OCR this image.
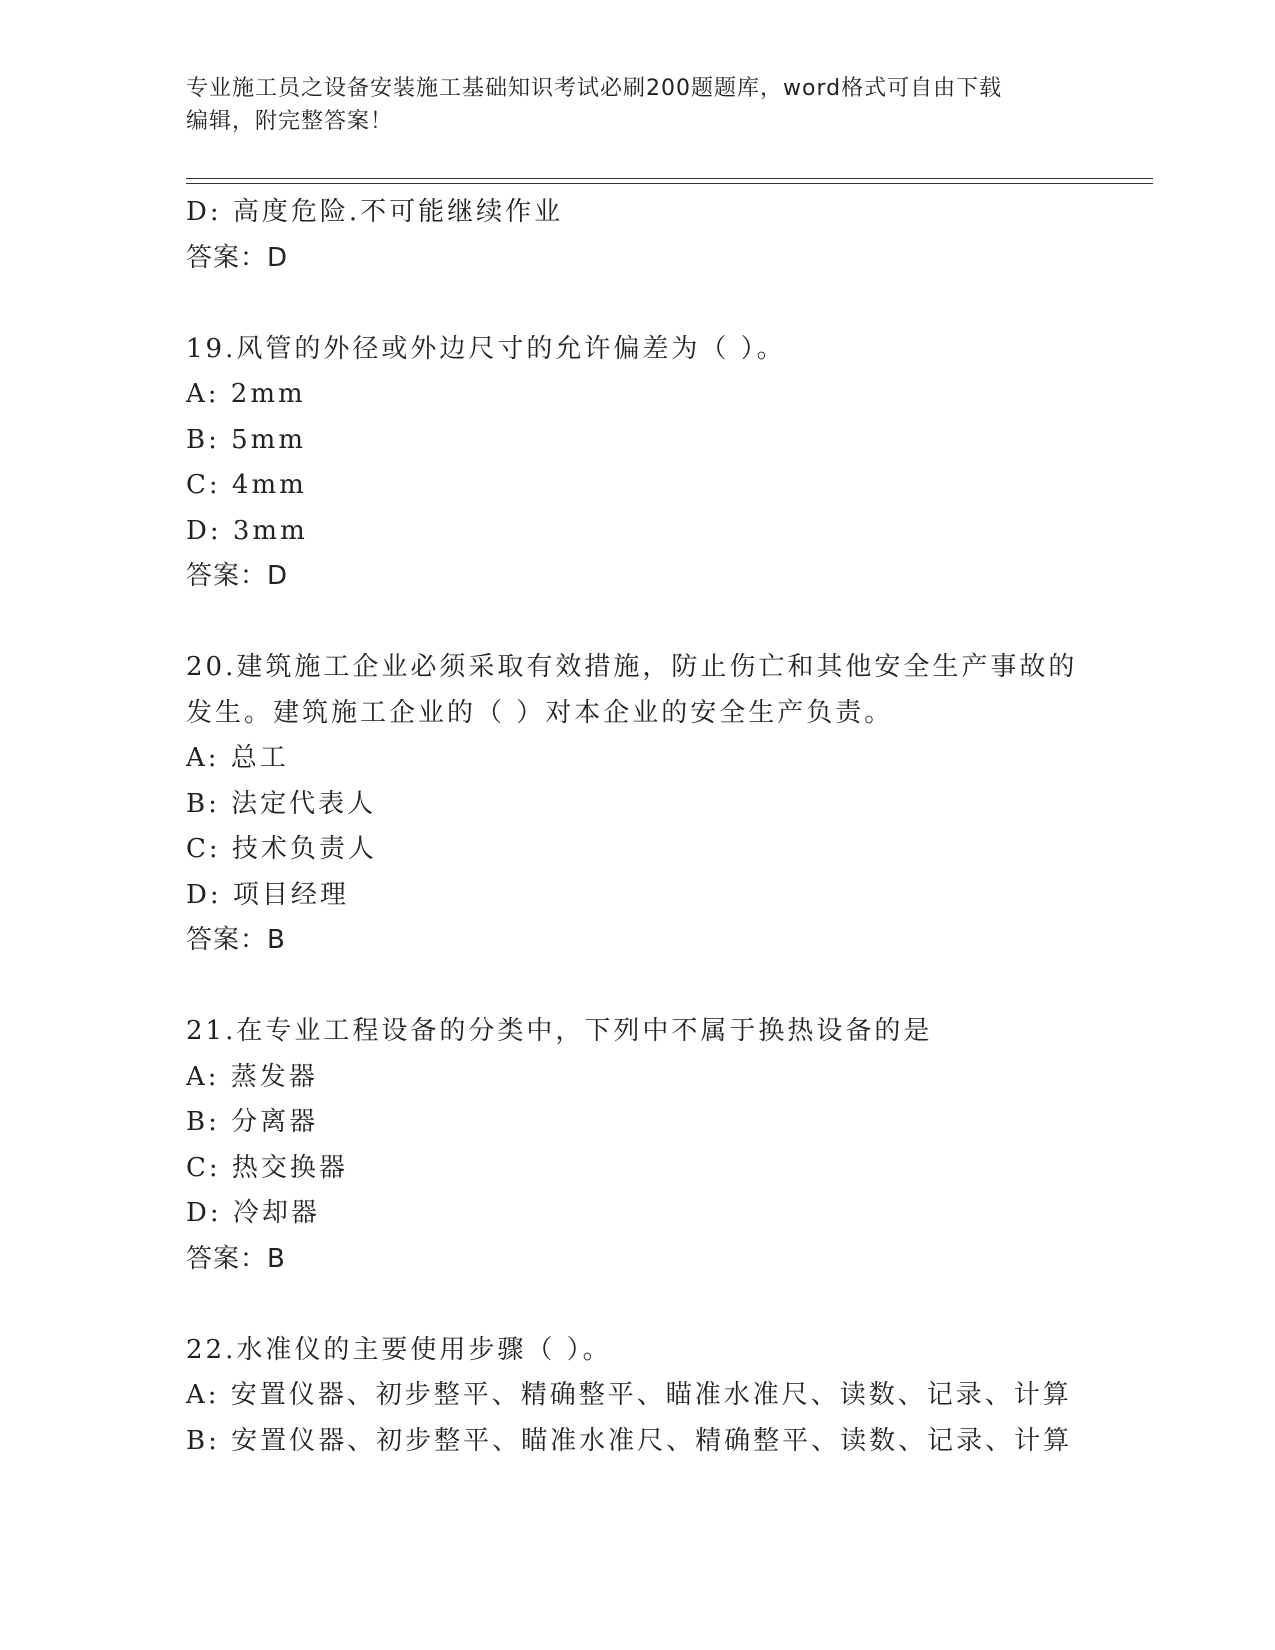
专业施工员之设备安装施工基础知识考试必刷200题题库，word格式可自由下载
编辑，附完整答案！
D: 高度危险.不可能继续作业
答案：D
19.风管的外径或外边尺寸的允许偏差为（ ）。
A: 2mm
B: 5mm
C: 4mm
D: 3mm
答案：D
20.建筑施工企业必须采取有效措施，防止伤亡和其他安全生产事故的
发生。建筑施工企业的（ ）对本企业的安全生产负责。
A: 总工
B: 法定代表人
C: 技术负责人
D: 项目经理
答案：B
21.在专业工程设备的分类中，下列中不属于换热设备的是
A: 蒸发器
B: 分离器
C: 热交换器
D: 冷却器
答案：B
22.水准仪的主要使用步骤（ ）。
A: 安置仪器、初步整平、精确整平、瞄准水准尺、读数、记录、计算
B: 安置仪器、初步整平、瞄准水准尺、精确整平、读数、记录、计算
